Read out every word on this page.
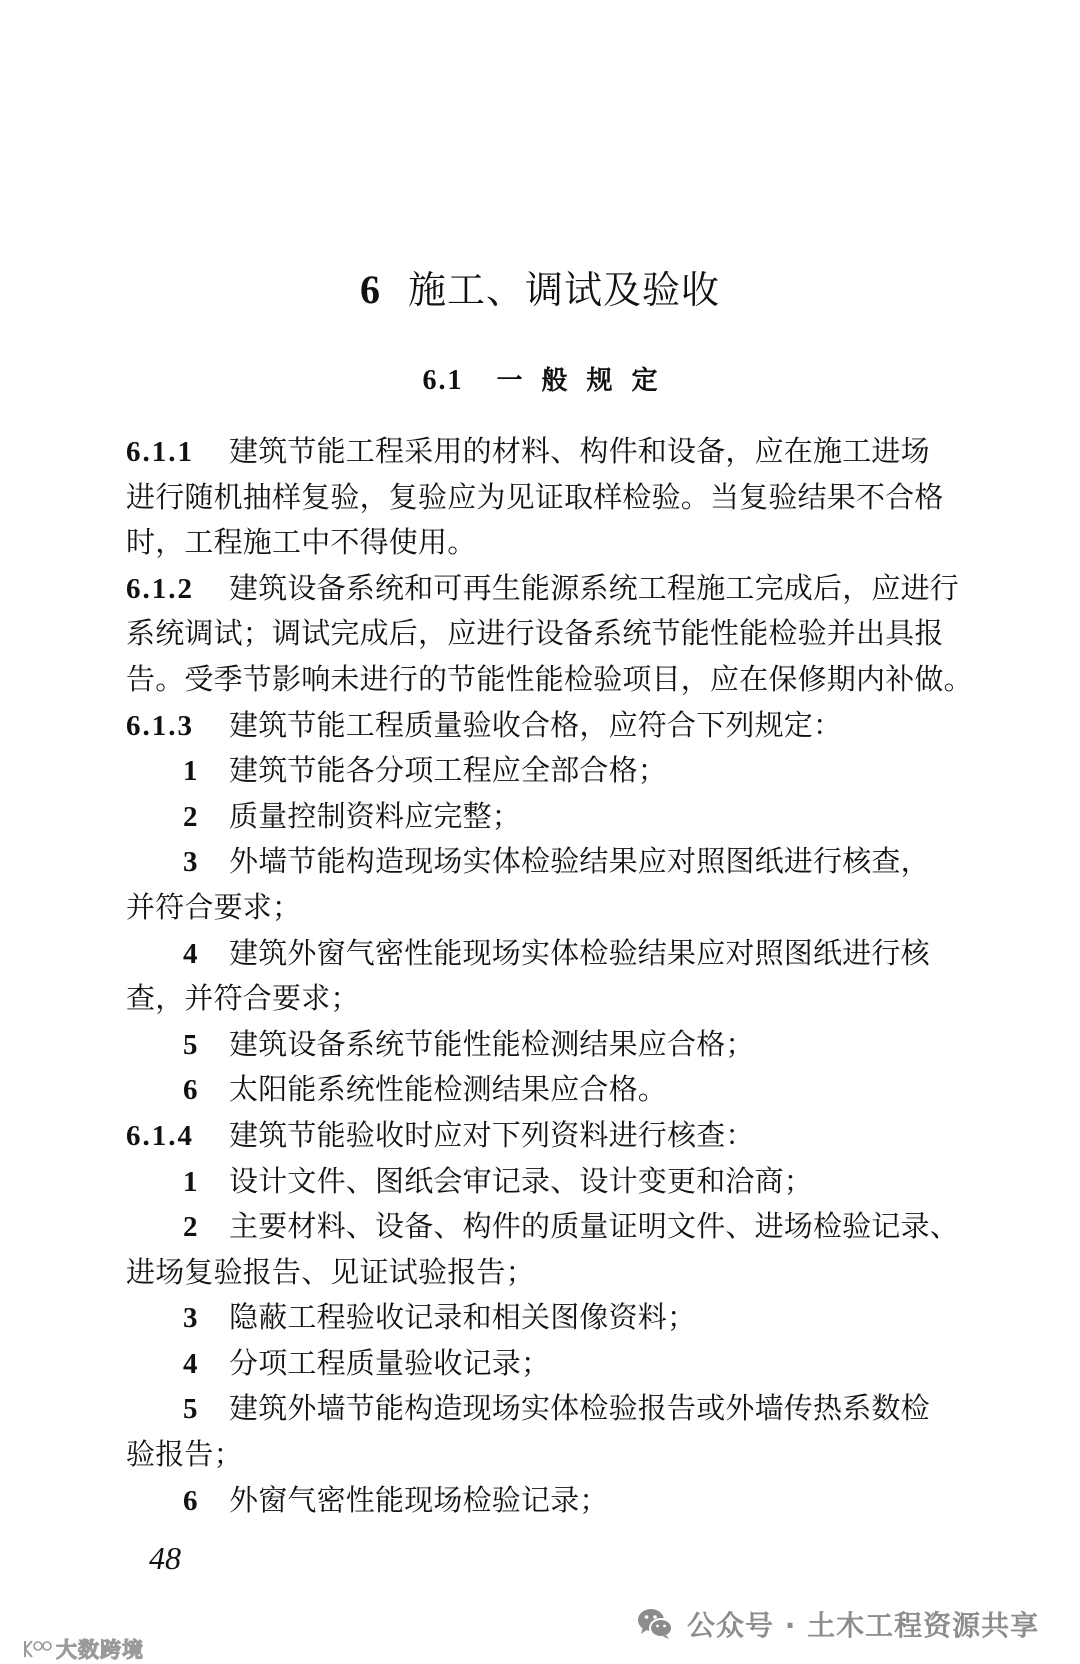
6 施工、调试及验收
6.1 一般规定
6.1.1 建筑节能工程采用的材料、构件和设备，应在施工进场
进行随机抽样复验，复验应为见证取样检验。当复验结果不合格
时，工程施工中不得使用。
6.1.2 建筑设备系统和可再生能源系统工程施工完成后，应进行
系统调试；调试完成后，应进行设备系统节能性能检验并出具报
告。受季节影响未进行的节能性能检验项目，应在保修期内补做。
6.1.3 建筑节能工程质量验收合格，应符合下列规定：
1 建筑节能各分项工程应全部合格；
2 质量控制资料应完整；
3 外墙节能构造现场实体检验结果应对照图纸进行核查，
并符合要求；
4 建筑外窗气密性能现场实体检验结果应对照图纸进行核
查，并符合要求；
5 建筑设备系统节能性能检测结果应合格；
6 太阳能系统性能检测结果应合格。
6.1.4 建筑节能验收时应对下列资料进行核查：
1 设计文件、图纸会审记录、设计变更和洽商；
2 主要材料、设备、构件的质量证明文件、进场检验记录、
进场复验报告、见证试验报告；
3 隐蔽工程验收记录和相关图像资料；
4 分项工程质量验收记录；
5 建筑外墙节能构造现场实体检验报告或外墙传热系数检
验报告；
6 外窗气密性能现场检验记录；
48
公众号 · 土木工程资源共享
大数跨境
